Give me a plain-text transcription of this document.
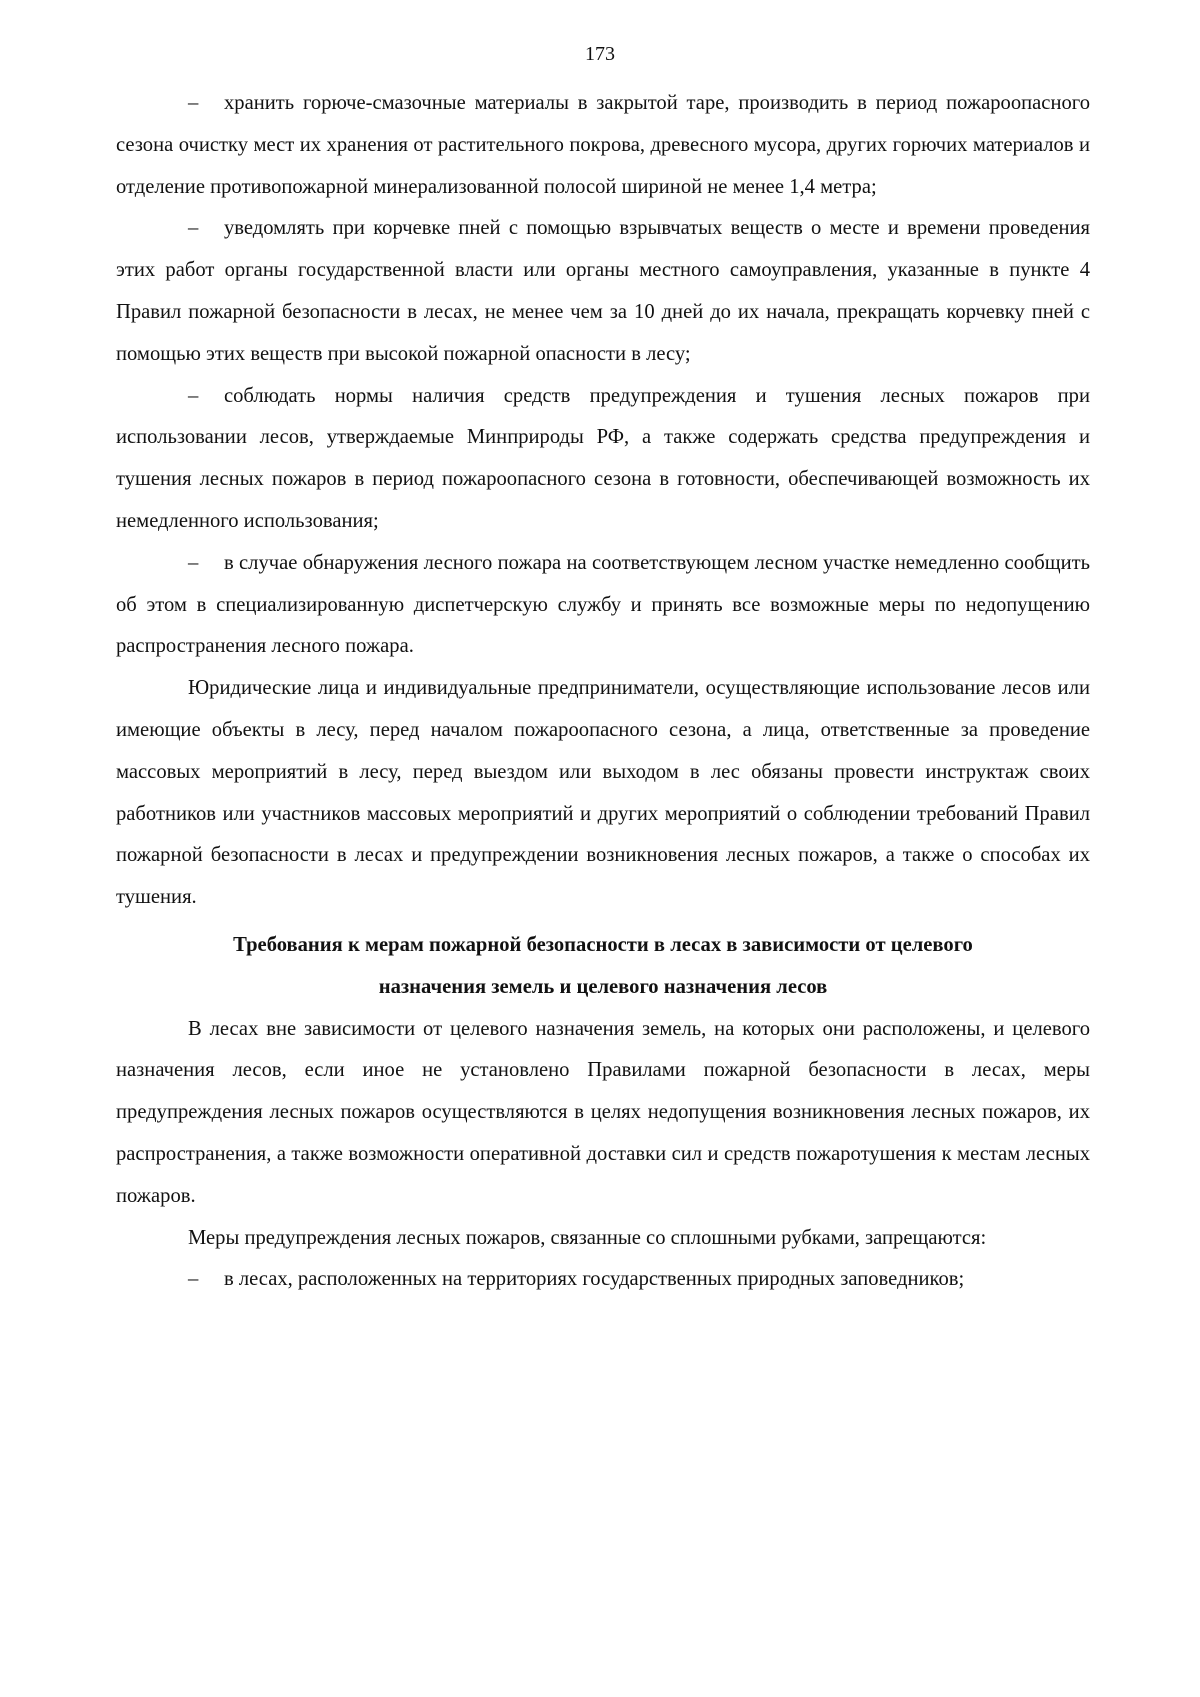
173

– хранить горюче-смазочные материалы в закрытой таре, производить в период пожароопасного сезона очистку мест их хранения от растительного покрова, древесного мусора, других горючих материалов и отделение противопожарной минерализованной полосой шириной не менее 1,4 метра;

– уведомлять при корчевке пней с помощью взрывчатых веществ о месте и времени проведения этих работ органы государственной власти или органы местного самоуправления, указанные в пункте 4 Правил пожарной безопасности в лесах, не менее чем за 10 дней до их начала, прекращать корчевку пней с помощью этих веществ при высокой пожарной опасности в лесу;

– соблюдать нормы наличия средств предупреждения и тушения лесных пожаров при использовании лесов, утверждаемые Минприроды РФ, а также содержать средства предупреждения и тушения лесных пожаров в период пожароопасного сезона в готовности, обеспечивающей возможность их немедленного использования;

– в случае обнаружения лесного пожара на соответствующем лесном участке немедленно сообщить об этом в специализированную диспетчерскую службу и принять все возможные меры по недопущению распространения лесного пожара.

Юридические лица и индивидуальные предприниматели, осуществляющие использование лесов или имеющие объекты в лесу, перед началом пожароопасного сезона, а лица, ответственные за проведение массовых мероприятий в лесу, перед выездом или выходом в лес обязаны провести инструктаж своих работников или участников массовых мероприятий и других мероприятий о соблюдении требований Правил пожарной безопасности в лесах и предупреждении возникновения лесных пожаров, а также о способах их тушения.

Требования к мерам пожарной безопасности в лесах в зависимости от целевого
назначения земель и целевого назначения лесов

В лесах вне зависимости от целевого назначения земель, на которых они расположены, и целевого назначения лесов, если иное не установлено Правилами пожарной безопасности в лесах, меры предупреждения лесных пожаров осуществляются в целях недопущения возникновения лесных пожаров, их распространения, а также возможности оперативной доставки сил и средств пожаротушения к местам лесных пожаров.

Меры предупреждения лесных пожаров, связанные со сплошными рубками, запрещаются:

– в лесах, расположенных на территориях государственных природных заповедников;
